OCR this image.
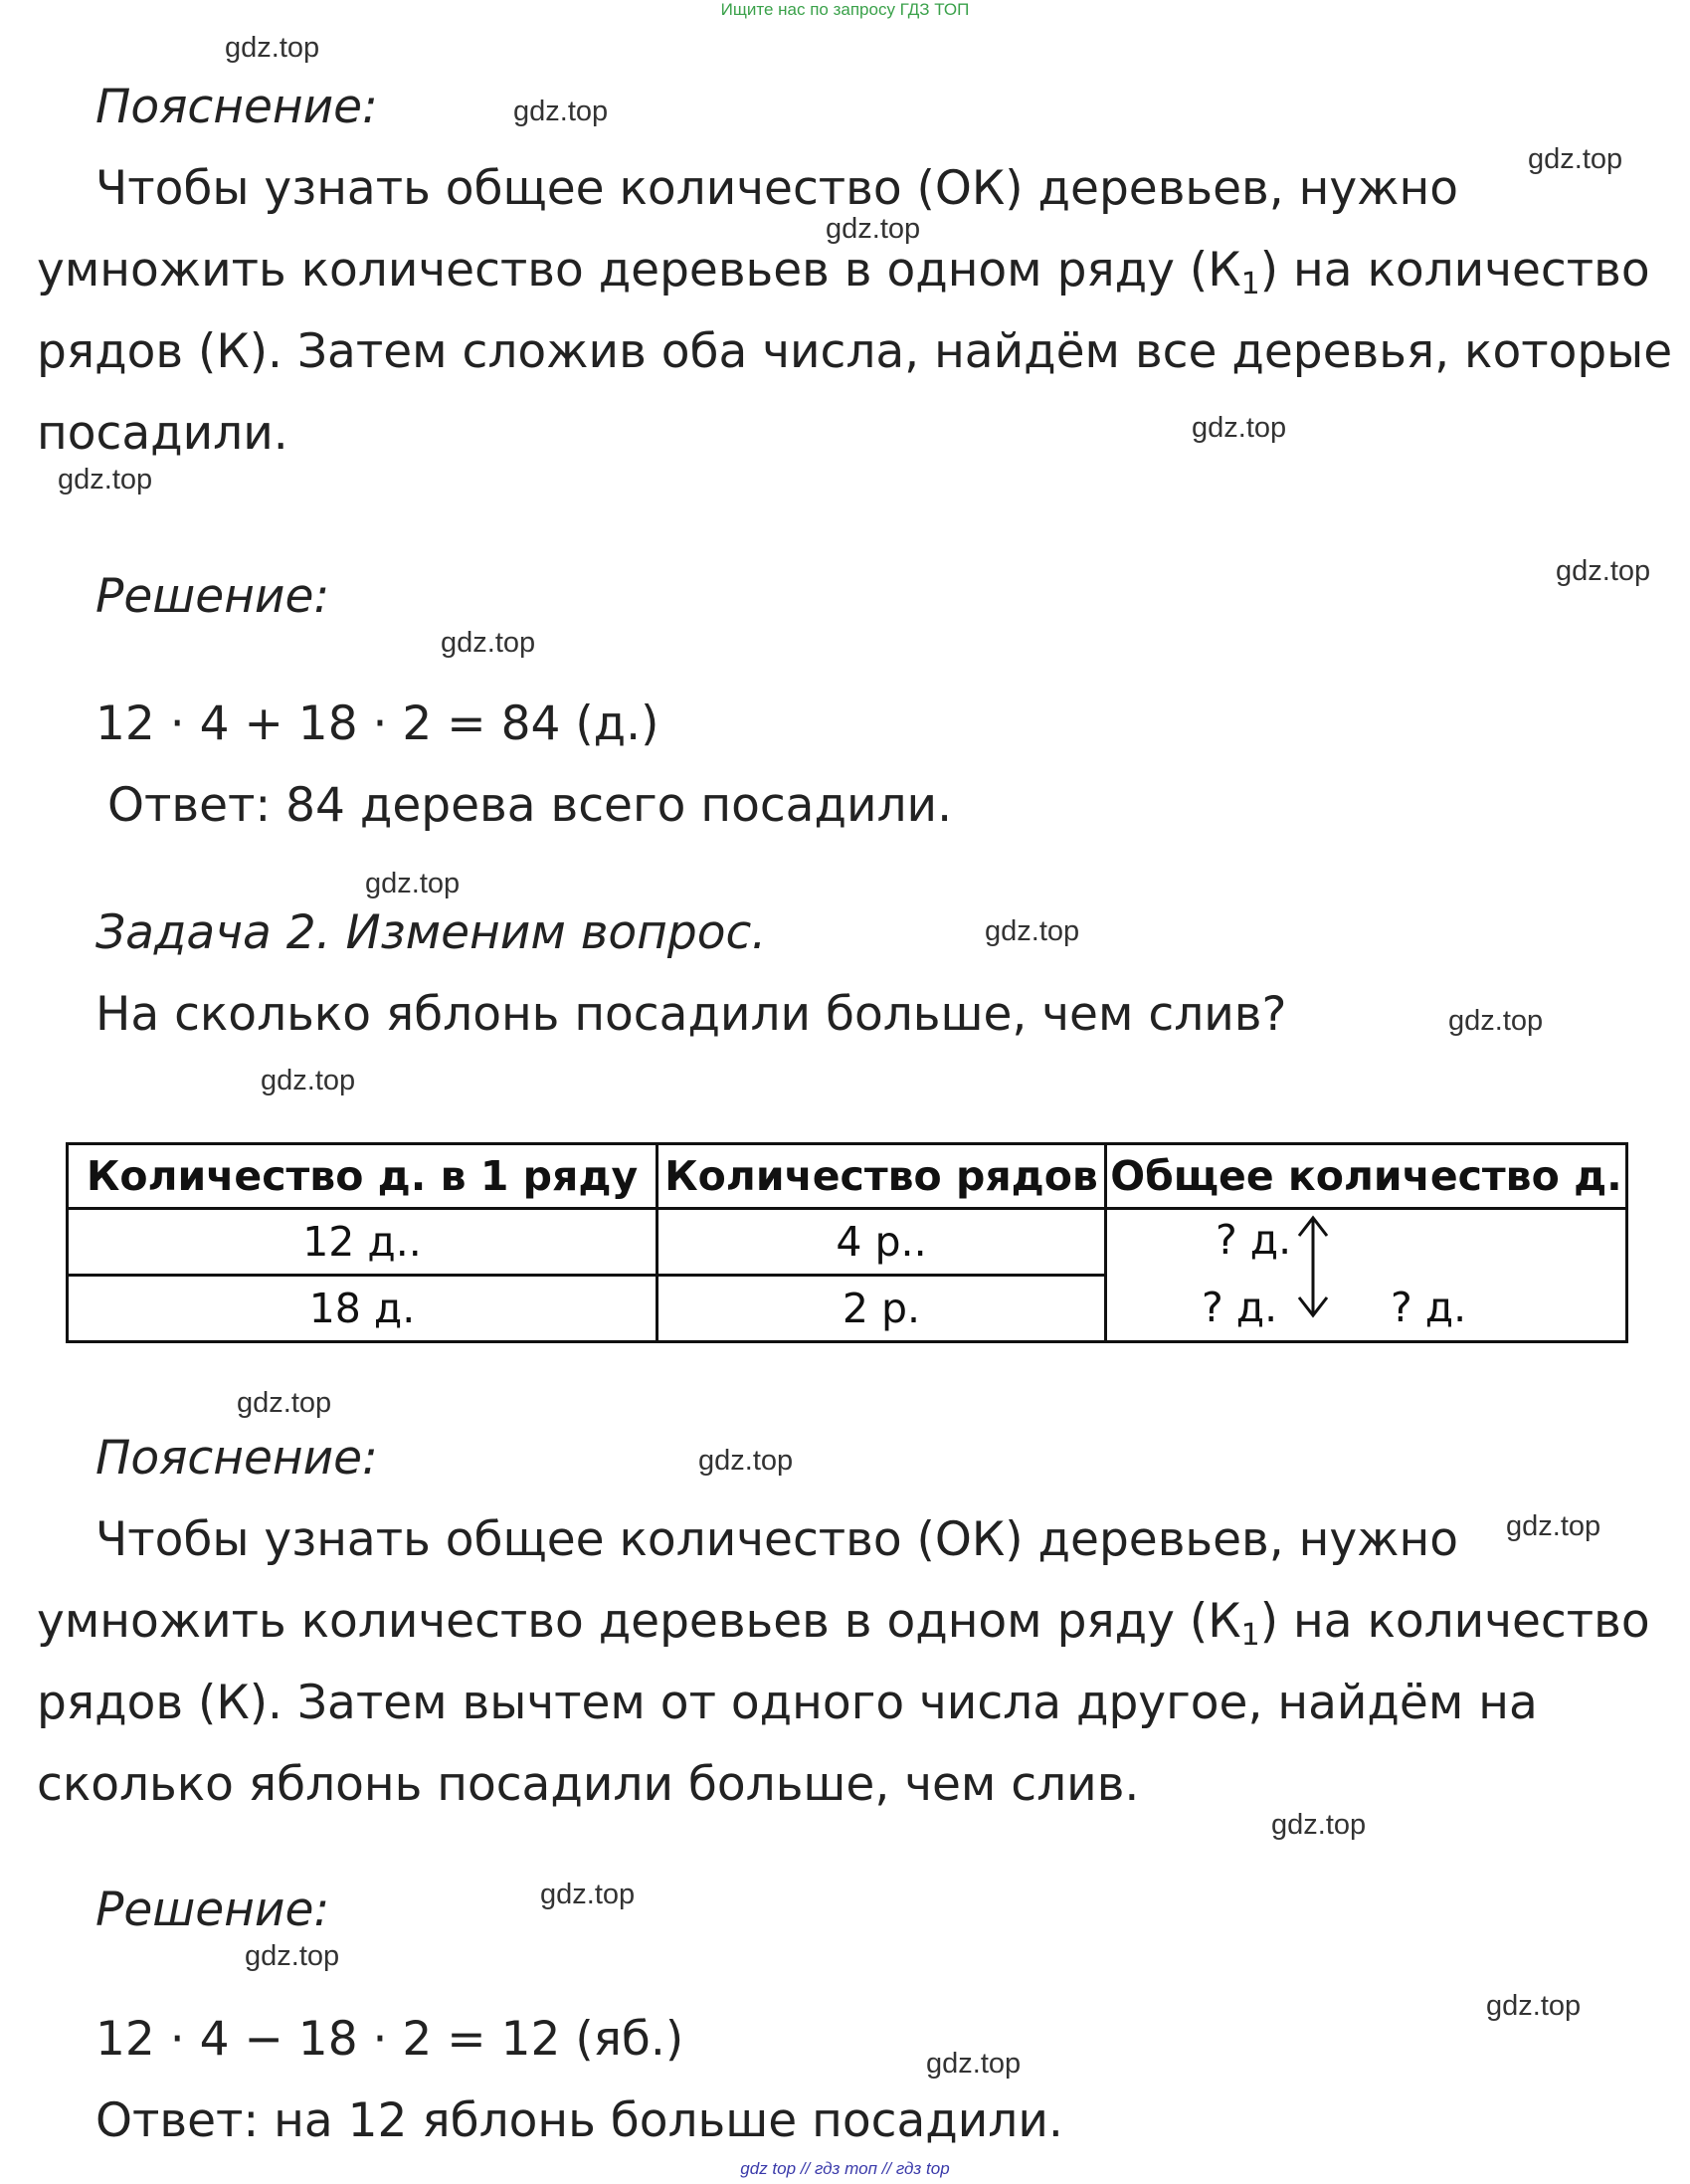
Ищите нас по запросу ГДЗ ТОП
gdz.top
gdz.top
gdz.top
gdz.top
gdz.top
gdz.top
gdz.top
gdz.top
gdz.top
gdz.top
gdz.top
gdz.top
gdz.top
gdz.top
gdz.top
gdz.top
gdz.top
gdz.top
gdz.top
gdz.top
Пояснение:
Чтобы узнать общее количество (ОК) деревьев, нужно
умножить количество деревьев в одном ряду $(К_1)$ на количество
рядов (К). Затем сложив оба числа, найдём все деревья, которые
посадили.
Решение:
12 · 4 + 18 · 2 = 84 (д.)
Ответ: 84 дерева всего посадили.
Задача 2. Изменим вопрос.
На сколько яблонь посадили больше, чем слив?
Количество д. в 1 ряду	Количество рядов	Общее количество д.
12 д..	4 р..	
18 д.	2 р.	
? д.
? д.	? д.
Пояснение:
Чтобы узнать общее количество (ОК) деревьев, нужно
умножить количество деревьев в одном ряду $(К_1)$ на количество
рядов (К). Затем вычтем от одного числа другое, найдём на
сколько яблонь посадили больше, чем слив.
Решение:
12 · 4 − 18 · 2 = 12 (яб.)
Ответ: на 12 яблонь больше посадили.
gdz top // гдз топ // гдз top
